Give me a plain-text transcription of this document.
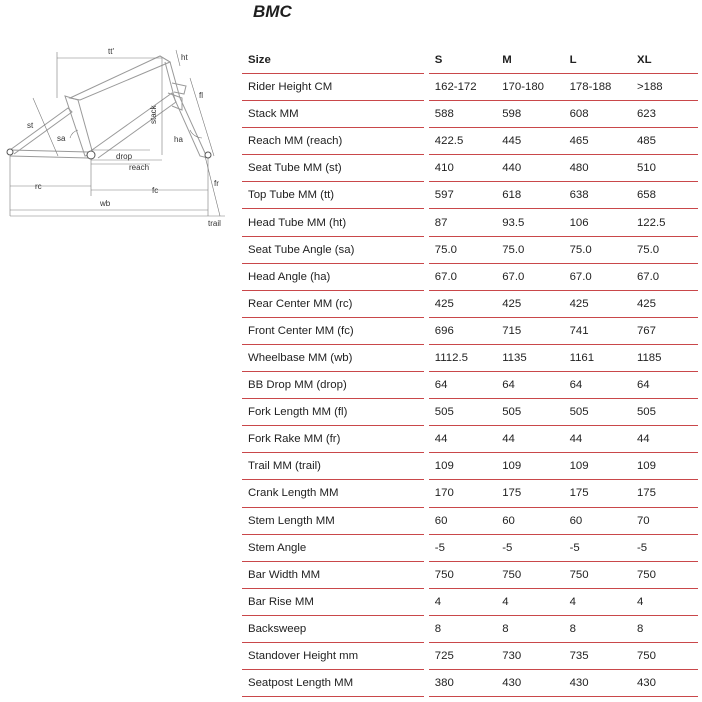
BMC
tt'
ht
fl
st
sa
stack
ha
drop
reach
rc	fc
fr
wb
trail
Size		S	M	L	XL
Rider Height CM		162-172	170-180	178-188	>188
Stack MM		588	598	608	623
Reach MM (reach)		422.5	445	465	485
Seat Tube MM (st)		410	440	480	510
Top Tube MM (tt)		597	618	638	658
Head Tube MM (ht)		87	93.5	106	122.5
Seat Tube Angle (sa)		75.0	75.0	75.0	75.0
Head Angle (ha)		67.0	67.0	67.0	67.0
Rear Center MM (rc)		425	425	425	425
Front Center MM (fc)		696	715	741	767
Wheelbase MM (wb)		1112.5	1135	1161	1185
BB Drop MM (drop)		64	64	64	64
Fork Length MM (fl)		505	505	505	505
Fork Rake MM (fr)		44	44	44	44
Trail MM (trail)		109	109	109	109
Crank Length MM		170	175	175	175
Stem Length MM		60	60	60	70
Stem Angle		-5	-5	-5	-5
Bar Width MM		750	750	750	750
Bar Rise MM		4	4	4	4
Backsweep		8	8	8	8
Standover Height mm		725	730	735	750
Seatpost Length MM		380	430	430	430
